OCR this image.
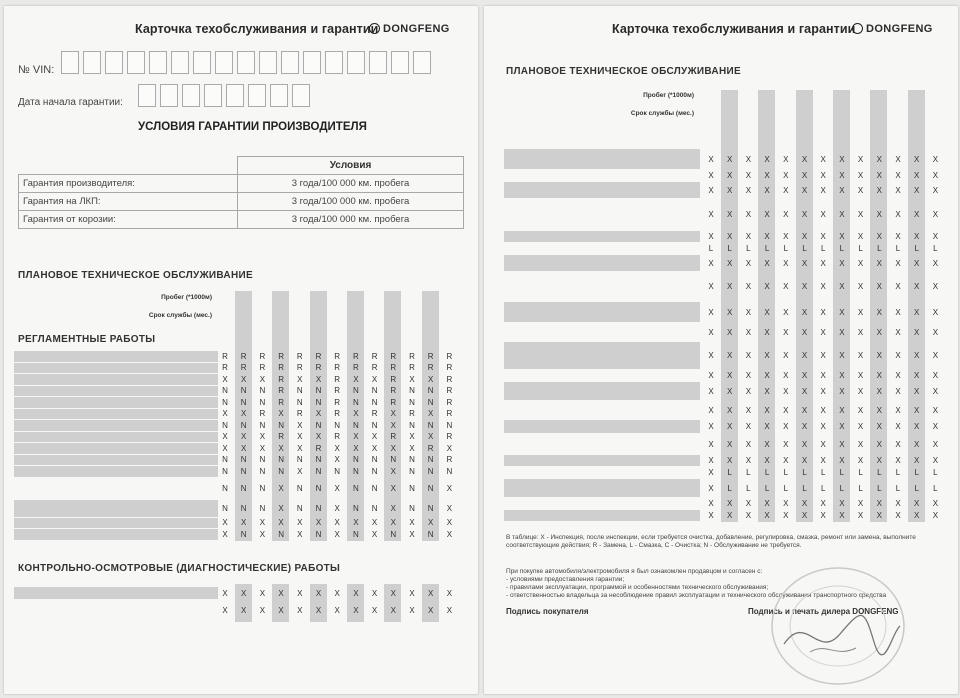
Карточка техобслуживания и гарантии DONGFENG
№ VIN:
Дата начала гарантии:
УСЛОВИЯ ГАРАНТИИ ПРОИЗВОДИТЕЛЯ
	Условия
Гарантия производителя:	3 года/100 000 км. пробега
Гарантия на ЛКП:	3 года/100 000 км. пробега
Гарантия от корозии:	3 года/100 000 км. пробега
ПЛАНОВОЕ ТЕХНИЧЕСКОЕ ОБСЛУЖИВАНИЕ
Пробег (*1000м)
Срок службы (мес.)
РЕГЛАМЕНТНЫЕ РАБОТЫ
КОНТРОЛЬНО-ОСМОТРОВЫЕ (ДИАГНОСТИЧЕСКИЕ) РАБОТЫ
R	R	R	R	R	R	R	R	R	R	R	R	R
R	R	R	R	R	R	R	R	R	R	R	R	R
X	X	X	R	X	X	R	X	X	R	X	X	R
N	N	N	R	N	N	R	N	N	R	N	N	R
N	N	N	R	N	N	R	N	N	R	N	N	R
X	X	R	X	R	X	R	X	R	X	R	X	R
N	N	N	N	X	N	N	N	N	X	N	N	N
X	X	X	R	X	X	R	X	X	R	X	X	R
X	X	X	X	X	R	X	X	X	X	X	R	X
N	N	N	N	N	N	X	N	N	N	N	N	R
N	N	N	N	X	N	N	N	N	X	N	N	N
N	N	N	X	N	N	X	N	N	X	N	N	X
N	N	N	X	N	N	X	N	N	X	N	N	X
X	X	X	X	X	X	X	X	X	X	X	X	X
X	N	X	N	X	N	X	N	X	N	X	N	X
X	X	X	X	X	X	X	X	X	X	X	X	X
X	X	X	X	X	X	X	X	X	X	X	X	X
Карточка техобслуживания и гарантии DONGFENG
ПЛАНОВОЕ ТЕХНИЧЕСКОЕ ОБСЛУЖИВАНИЕ
Пробег (*1000м)
Срок службы (мес.)
X	X	X	X	X	X	X	X	X	X	X	X	X
X	X	X	X	X	X	X	X	X	X	X	X	X
X	X	X	X	X	X	X	X	X	X	X	X	X
X	X	X	X	X	X	X	X	X	X	X	X	X
X	X	X	X	X	X	X	X	X	X	X	X	X
L	L	L	L	L	L	L	L	L	L	L	L	L
X	X	X	X	X	X	X	X	X	X	X	X	X
X	X	X	X	X	X	X	X	X	X	X	X	X
X	X	X	X	X	X	X	X	X	X	X	X	X
X	X	X	X	X	X	X	X	X	X	X	X	X
X	X	X	X	X	X	X	X	X	X	X	X	X
X	X	X	X	X	X	X	X	X	X	X	X	X
X	X	X	X	X	X	X	X	X	X	X	X	X
X	X	X	X	X	X	X	X	X	X	X	X	X
X	X	X	X	X	X	X	X	X	X	X	X	X
X	X	X	X	X	X	X	X	X	X	X	X	X
X	X	X	X	X	X	X	X	X	X	X	X	X
X	L	L	L	L	L	L	L	L	L	L	L	L
X	L	L	L	L	L	L	L	L	L	L	L	L
X	X	X	X	X	X	X	X	X	X	X	X	X
X	X	X	X	X	X	X	X	X	X	X	X	X
В таблице: X - Инспекция, после инспекции, если требуется очистка, добавление, регулировка, смазка, ремонт или замена, выполните соответствующие действия; R - Замена, L - Смазка, C - Очистка; N - Обслуживание не требуется.
При покупке автомобиля/электромобиля я был ознакомлен продавцом и согласен с:
- условиями предоставления гарантии;
- правилами эксплуатации, программой и особенностями технического обслуживания;
- ответственностью владельца за несоблюдение правил эксплуатации и технического обслуживания транспортного средства
Подпись покупателя	Подпись и печать дилера DONGFENG
